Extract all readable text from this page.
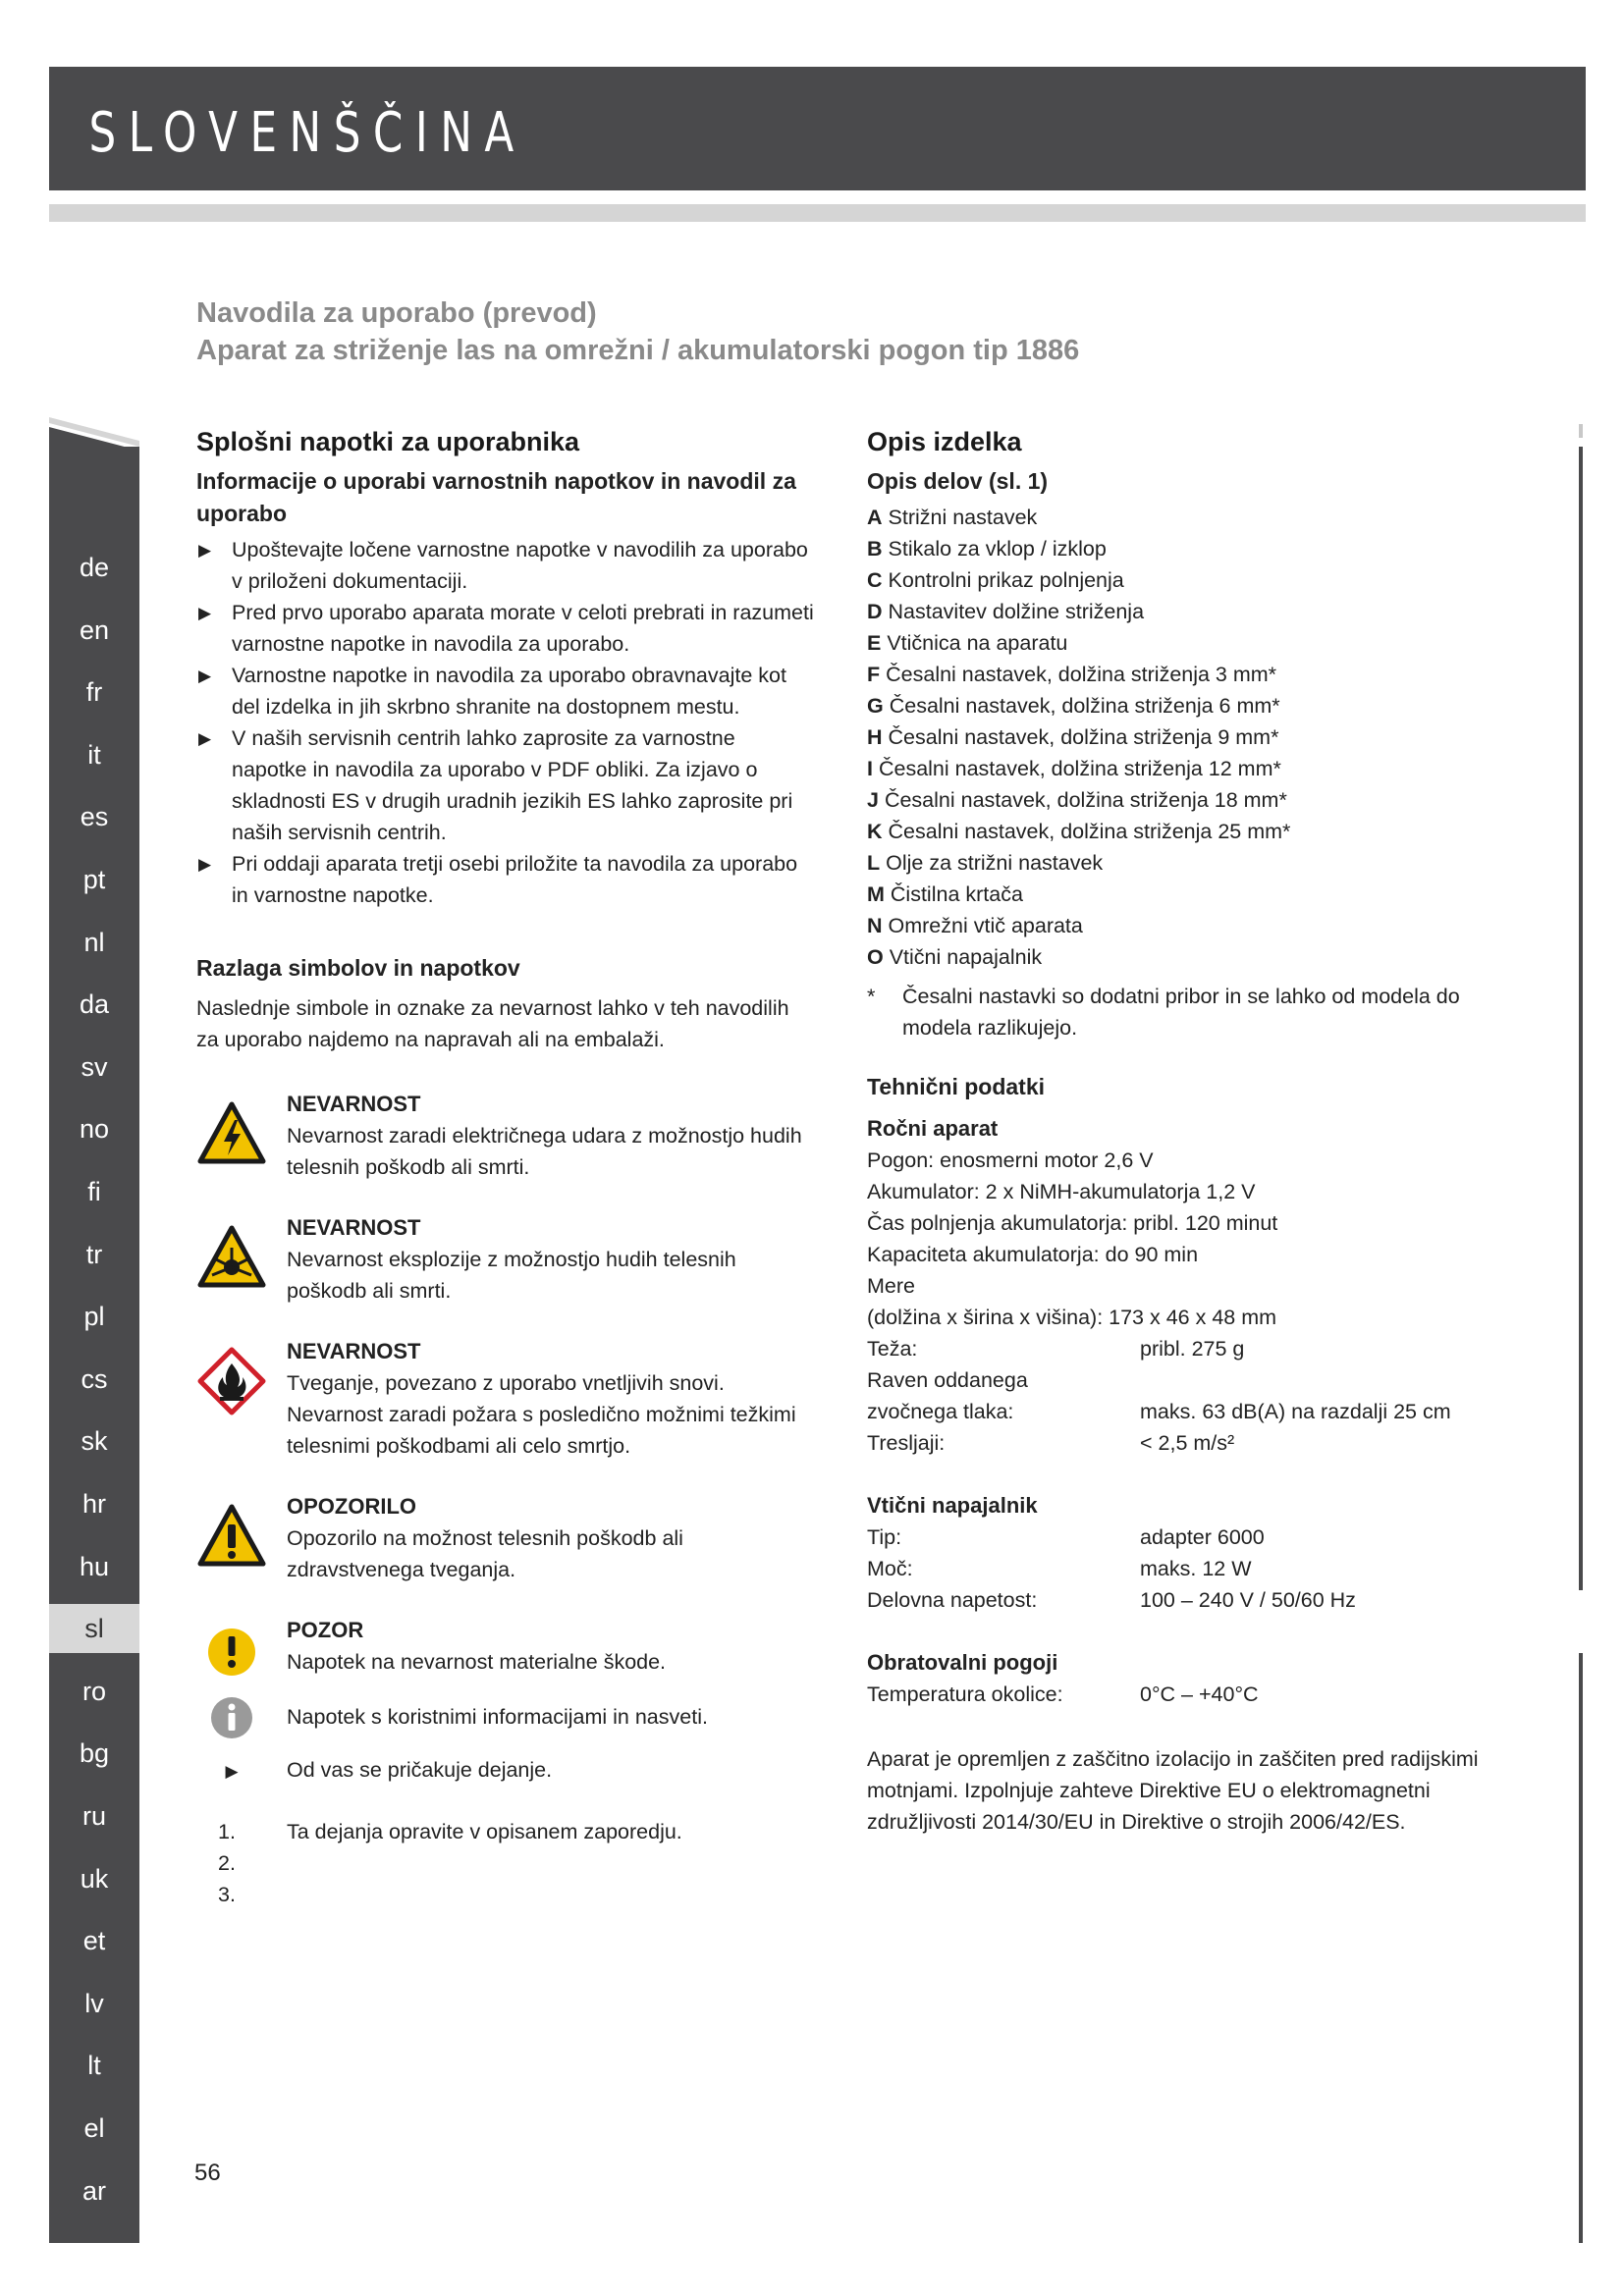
SLOVENŠČINA
de
en
fr
it
es
pt
nl
da
sv
no
fi
tr
pl
cs
sk
hr
hu
sl
ro
bg
ru
uk
et
lv
lt
el
ar
Navodila za uporabo (prevod)
Aparat za striženje las na omrežni / akumulatorski pogon tip 1886
Splošni napotki za uporabnika
Informacije o uporabi varnostnih napotkov in navodil za uporabo
▶ Upoštevajte ločene varnostne napotke v navodilih za uporabo v priloženi dokumentaciji.
▶ Pred prvo uporabo aparata morate v celoti prebrati in razumeti varnostne napotke in navodila za uporabo.
▶ Varnostne napotke in navodila za uporabo obravnavajte kot del izdelka in jih skrbno shranite na dostopnem mestu.
▶ V naših servisnih centrih lahko zaprosite za varnostne napotke in navodila za uporabo v PDF obliki. Za izjavo o skladnosti ES v drugih uradnih jezikih ES lahko zaprosite pri naših servisnih centrih.
▶ Pri oddaji aparata tretji osebi priložite ta navodila za uporabo in varnostne napotke.
Razlaga simbolov in napotkov

Naslednje simbole in oznake za nevarnost lahko v teh navodilih za uporabo najdemo na napravah ali na embalaži.

NEVARNOST
Nevarnost zaradi električnega udara z možnostjo hudih telesnih poškodb ali smrti.
NEVARNOST
Nevarnost eksplozije z možnostjo hudih telesnih poškodb ali smrti.
NEVARNOST
Tveganje, povezano z uporabo vnetljivih snovi. Nevarnost zaradi požara s posledično možnimi težkimi telesnimi poškodbami ali celo smrtjo.
OPOZORILO
Opozorilo na možnost telesnih poškodb ali zdravstvenega tveganja.
POZOR
Napotek na nevarnost materialne škode.
Napotek s koristnimi informacijami in nasveti.
▶ Od vas se pričakuje dejanje.
1.
2.
3.
Ta dejanja opravite v opisanem zaporedju.
Opis izdelka
Opis delov (sl. 1)
A Strižni nastavek
B Stikalo za vklop / izklop
C Kontrolni prikaz polnjenja
D Nastavitev dolžine striženja
E Vtičnica na aparatu
F Česalni nastavek, dolžina striženja 3 mm*
G Česalni nastavek, dolžina striženja 6 mm*
H Česalni nastavek, dolžina striženja 9 mm*
I Česalni nastavek, dolžina striženja 12 mm*
J Česalni nastavek, dolžina striženja 18 mm*
K Česalni nastavek, dolžina striženja 25 mm*
L Olje za strižni nastavek
M Čistilna krtača
N Omrežni vtič aparata
O Vtični napajalnik
* Česalni nastavki so dodatni pribor in se lahko od modela do modela razlikujejo.
Tehnični podatki
Ročni aparat
Pogon: enosmerni motor 2,6 V
Akumulator: 2 x NiMH-akumulatorja 1,2 V
Čas polnjenja akumulatorja: pribl. 120 minut
Kapaciteta akumulatorja: do 90 min
Mere
(dolžina x širina x višina): 173 x 46 x 48 mm
Teža:	pribl. 275 g
Raven oddanega
zvočnega tlaka:	maks. 63 dB(A) na razdalji 25 cm
Tresljaji:	< 2,5 m/s²
Vtični napajalnik
Tip:	adapter 6000
Moč:	maks. 12 W
Delovna napetost:	100 – 240 V / 50/60 Hz
Obratovalni pogoji
Temperatura okolice:	0°C – +40°C

Aparat je opremljen z zaščitno izolacijo in zaščiten pred radijskimi motnjami. Izpolnjuje zahteve Direktive EU o elektromagnetni združljivosti 2014/30/EU in Direktive o strojih 2006/42/ES.

56
